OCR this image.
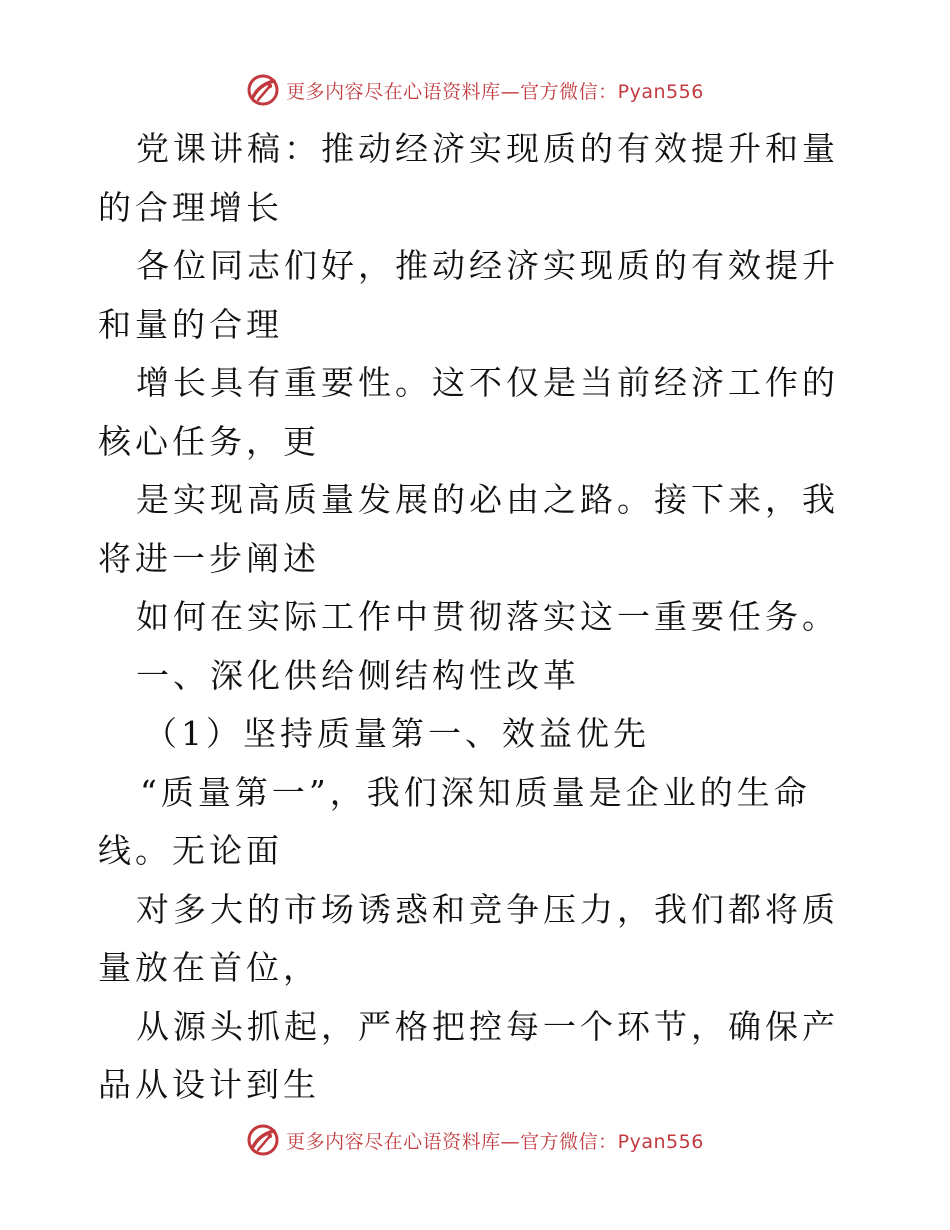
更多内容尽在心语资料库—官方微信：Pyan556

党课讲稿：推动经济实现质的有效提升和量的合理增长

各位同志们好，推动经济实现质的有效提升和量的合理

增长具有重要性。这不仅是当前经济工作的核心任务，更

是实现高质量发展的必由之路。接下来，我将进一步阐述

如何在实际工作中贯彻落实这一重要任务。

一、深化供给侧结构性改革

（1）坚持质量第一、效益优先

“质量第一”，我们深知质量是企业的生命线。无论面

对多大的市场诱惑和竞争压力，我们都将质量放在首位，

从源头抓起，严格把控每一个环节，确保产品从设计到生

更多内容尽在心语资料库—官方微信：Pyan556
